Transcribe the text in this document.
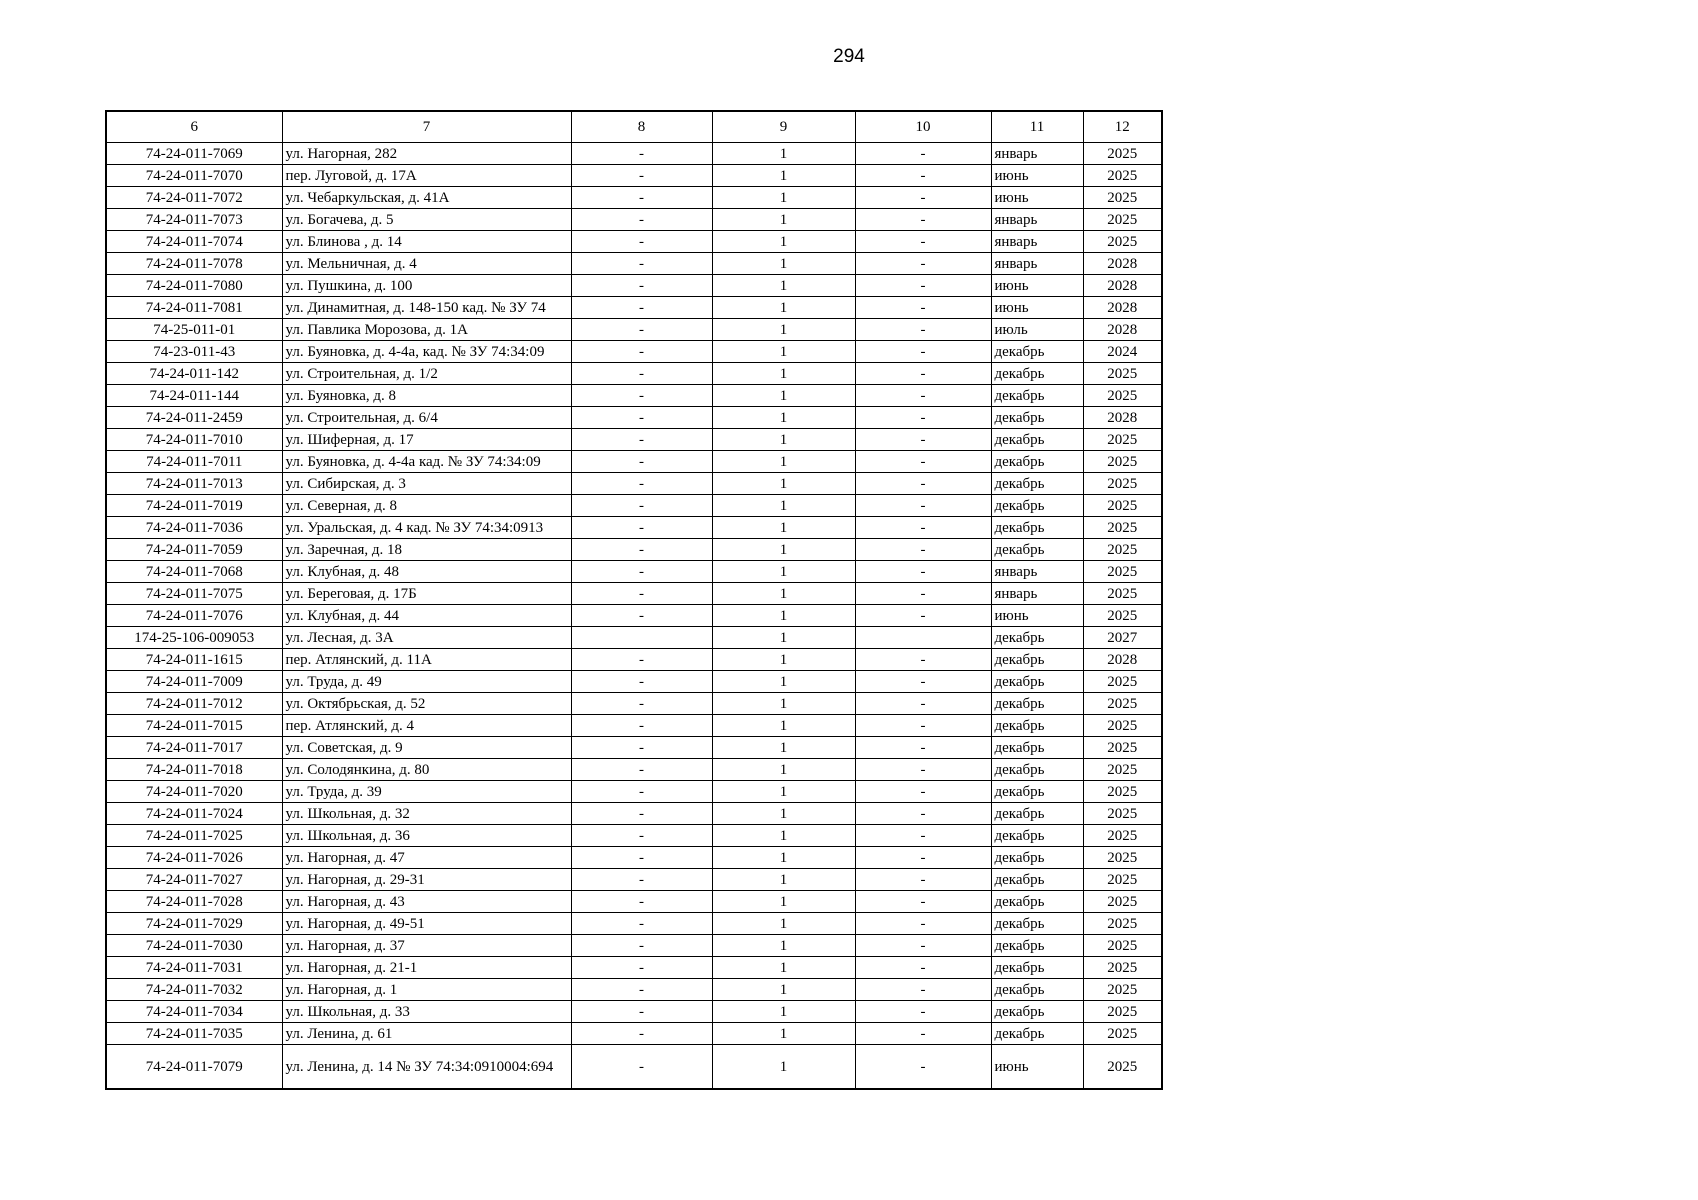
294
6	7	8	9	10	11	12
74-24-011-7069	ул. Нагорная, 282	-	1	-	январь	2025
74-24-011-7070	пер. Луговой, д. 17А	-	1	-	июнь	2025
74-24-011-7072	ул. Чебаркульская, д. 41А	-	1	-	июнь	2025
74-24-011-7073	ул. Богачева, д. 5	-	1	-	январь	2025
74-24-011-7074	ул. Блинова , д. 14	-	1	-	январь	2025
74-24-011-7078	ул. Мельничная, д. 4	-	1	-	январь	2028
74-24-011-7080	ул. Пушкина, д. 100	-	1	-	июнь	2028
74-24-011-7081	ул. Динамитная, д. 148-150 кад. № ЗУ 74	-	1	-	июнь	2028
74-25-011-01	ул. Павлика Морозова, д. 1А	-	1	-	июль	2028
74-23-011-43	ул. Буяновка, д. 4-4а, кад. № ЗУ 74:34:09	-	1	-	декабрь	2024
74-24-011-142	ул. Строительная, д. 1/2	-	1	-	декабрь	2025
74-24-011-144	ул. Буяновка, д. 8	-	1	-	декабрь	2025
74-24-011-2459	ул. Строительная, д. 6/4	-	1	-	декабрь	2028
74-24-011-7010	ул. Шиферная, д. 17	-	1	-	декабрь	2025
74-24-011-7011	ул. Буяновка, д. 4-4а кад. № ЗУ 74:34:09	-	1	-	декабрь	2025
74-24-011-7013	ул. Сибирская, д. 3	-	1	-	декабрь	2025
74-24-011-7019	ул. Северная, д. 8	-	1	-	декабрь	2025
74-24-011-7036	ул. Уральская, д. 4 кад. № ЗУ 74:34:0913	-	1	-	декабрь	2025
74-24-011-7059	ул. Заречная, д. 18	-	1	-	декабрь	2025
74-24-011-7068	ул. Клубная, д. 48	-	1	-	январь	2025
74-24-011-7075	ул. Береговая, д. 17Б	-	1	-	январь	2025
74-24-011-7076	ул. Клубная, д. 44	-	1	-	июнь	2025
174-25-106-009053	ул. Лесная, д. 3А		1		декабрь	2027
74-24-011-1615	пер. Атлянский, д. 11А	-	1	-	декабрь	2028
74-24-011-7009	ул. Труда, д. 49	-	1	-	декабрь	2025
74-24-011-7012	ул. Октябрьская, д. 52	-	1	-	декабрь	2025
74-24-011-7015	пер. Атлянский, д. 4	-	1	-	декабрь	2025
74-24-011-7017	ул. Советская, д. 9	-	1	-	декабрь	2025
74-24-011-7018	ул. Солодянкина, д. 80	-	1	-	декабрь	2025
74-24-011-7020	ул. Труда, д. 39	-	1	-	декабрь	2025
74-24-011-7024	ул. Школьная, д. 32	-	1	-	декабрь	2025
74-24-011-7025	ул. Школьная, д. 36	-	1	-	декабрь	2025
74-24-011-7026	ул. Нагорная, д. 47	-	1	-	декабрь	2025
74-24-011-7027	ул. Нагорная, д. 29-31	-	1	-	декабрь	2025
74-24-011-7028	ул. Нагорная, д. 43	-	1	-	декабрь	2025
74-24-011-7029	ул. Нагорная, д. 49-51	-	1	-	декабрь	2025
74-24-011-7030	ул. Нагорная, д. 37	-	1	-	декабрь	2025
74-24-011-7031	ул. Нагорная, д. 21-1	-	1	-	декабрь	2025
74-24-011-7032	ул. Нагорная, д. 1	-	1	-	декабрь	2025
74-24-011-7034	ул. Школьная, д. 33	-	1	-	декабрь	2025
74-24-011-7035	ул. Ленина, д. 61	-	1	-	декабрь	2025
74-24-011-7079	ул. Ленина, д. 14 № ЗУ 74:34:0910004:694	-	1	-	июнь	2025
